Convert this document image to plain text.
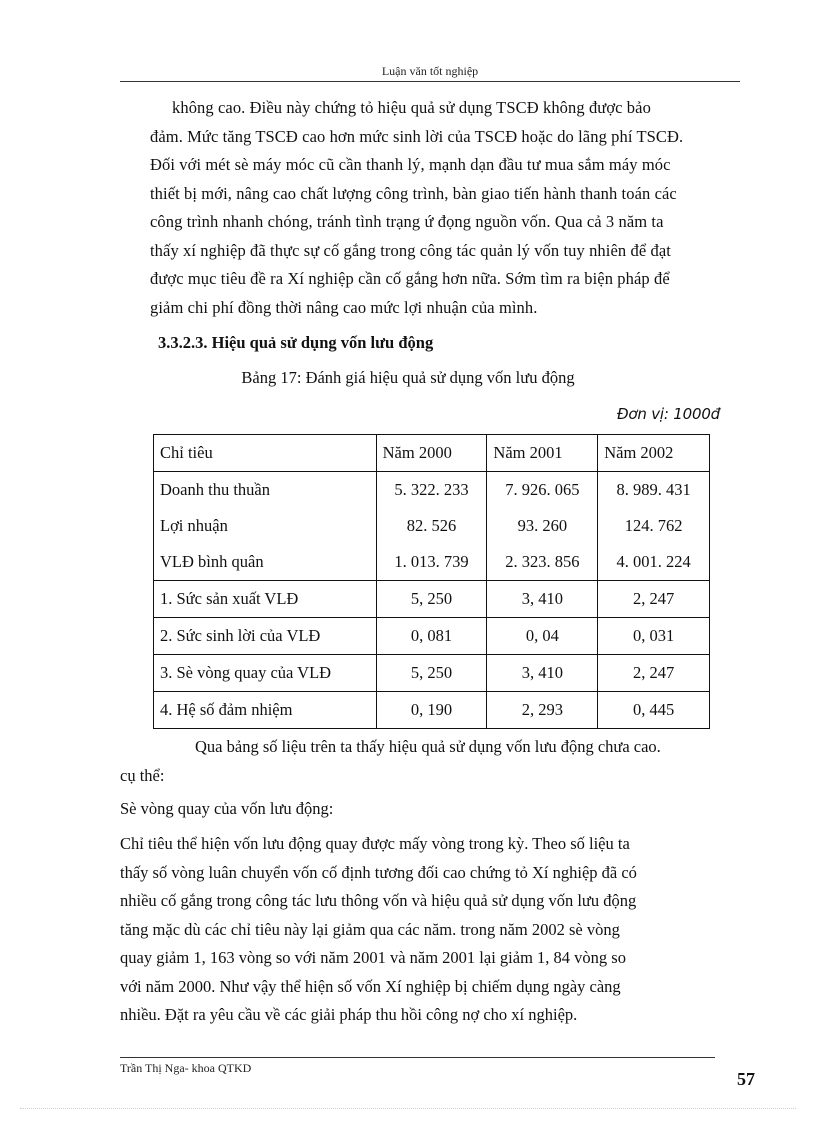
Luận văn tốt nghiệp
không cao. Điều này chứng tỏ hiệu quả sử dụng TSCĐ không được bảo
đảm. Mức tăng TSCĐ cao hơn mức sinh lời của TSCĐ hoặc do lãng phí TSCĐ.
Đối với mét sè máy móc cũ cần thanh lý, mạnh dạn đầu tư mua sắm máy móc
thiết bị mới, nâng cao chất lượng công trình, bàn giao tiến hành thanh toán các
công trình nhanh chóng, tránh tình trạng ứ đọng nguồn vốn. Qua cả 3 năm ta
thấy xí nghiệp đã thực sự cố gắng trong công tác quản lý vốn tuy nhiên để đạt
được mục tiêu đề ra Xí nghiệp cần cố gắng hơn nữa. Sớm tìm ra biện pháp để
giảm chi phí đồng thời nâng cao mức lợi nhuận của mình.
3.3.2.3. Hiệu quả sử dụng vốn lưu động
Bảng 17: Đánh giá hiệu quả sử dụng vốn lưu động
Đơn vị: 1000đ
Chỉ tiêu	Năm 2000	Năm 2001	Năm 2002
Doanh thu thuần	5. 322. 233	7. 926. 065	8. 989. 431
Lợi nhuận	82. 526	93. 260	124. 762
VLĐ bình quân	1. 013. 739	2. 323. 856	4. 001. 224
1. Sức sản xuất VLĐ	5, 250	3, 410	2, 247
2. Sức sinh lời của VLĐ	0, 081	0, 04	0, 031
3. Sè vòng quay của VLĐ	5, 250	3, 410	2, 247
4. Hệ số đảm nhiệm	0, 190	2, 293	0, 445
Qua bảng số liệu trên ta thấy hiệu quả sử dụng vốn lưu động chưa cao.
cụ thể:
Sè vòng quay của vốn lưu động:
Chỉ tiêu thể hiện vốn lưu động quay được mấy vòng trong kỳ. Theo số liệu ta
thấy số vòng luân chuyển vốn cố định tương đối cao chứng tỏ Xí nghiệp đã có
nhiều cố gắng trong công tác lưu thông vốn và hiệu quả sử dụng vốn lưu động
tăng mặc dù các chỉ tiêu này lại giảm qua các năm. trong năm 2002 sè vòng
quay giảm 1, 163 vòng so với năm 2001 và năm 2001 lại giảm 1, 84 vòng so
với năm 2000. Như vậy thể hiện số vốn Xí nghiệp bị chiếm dụng ngày càng
nhiều. Đặt ra yêu cầu về các giải pháp thu hồi công nợ cho xí nghiệp.
Trần Thị Nga- khoa QTKD
57
